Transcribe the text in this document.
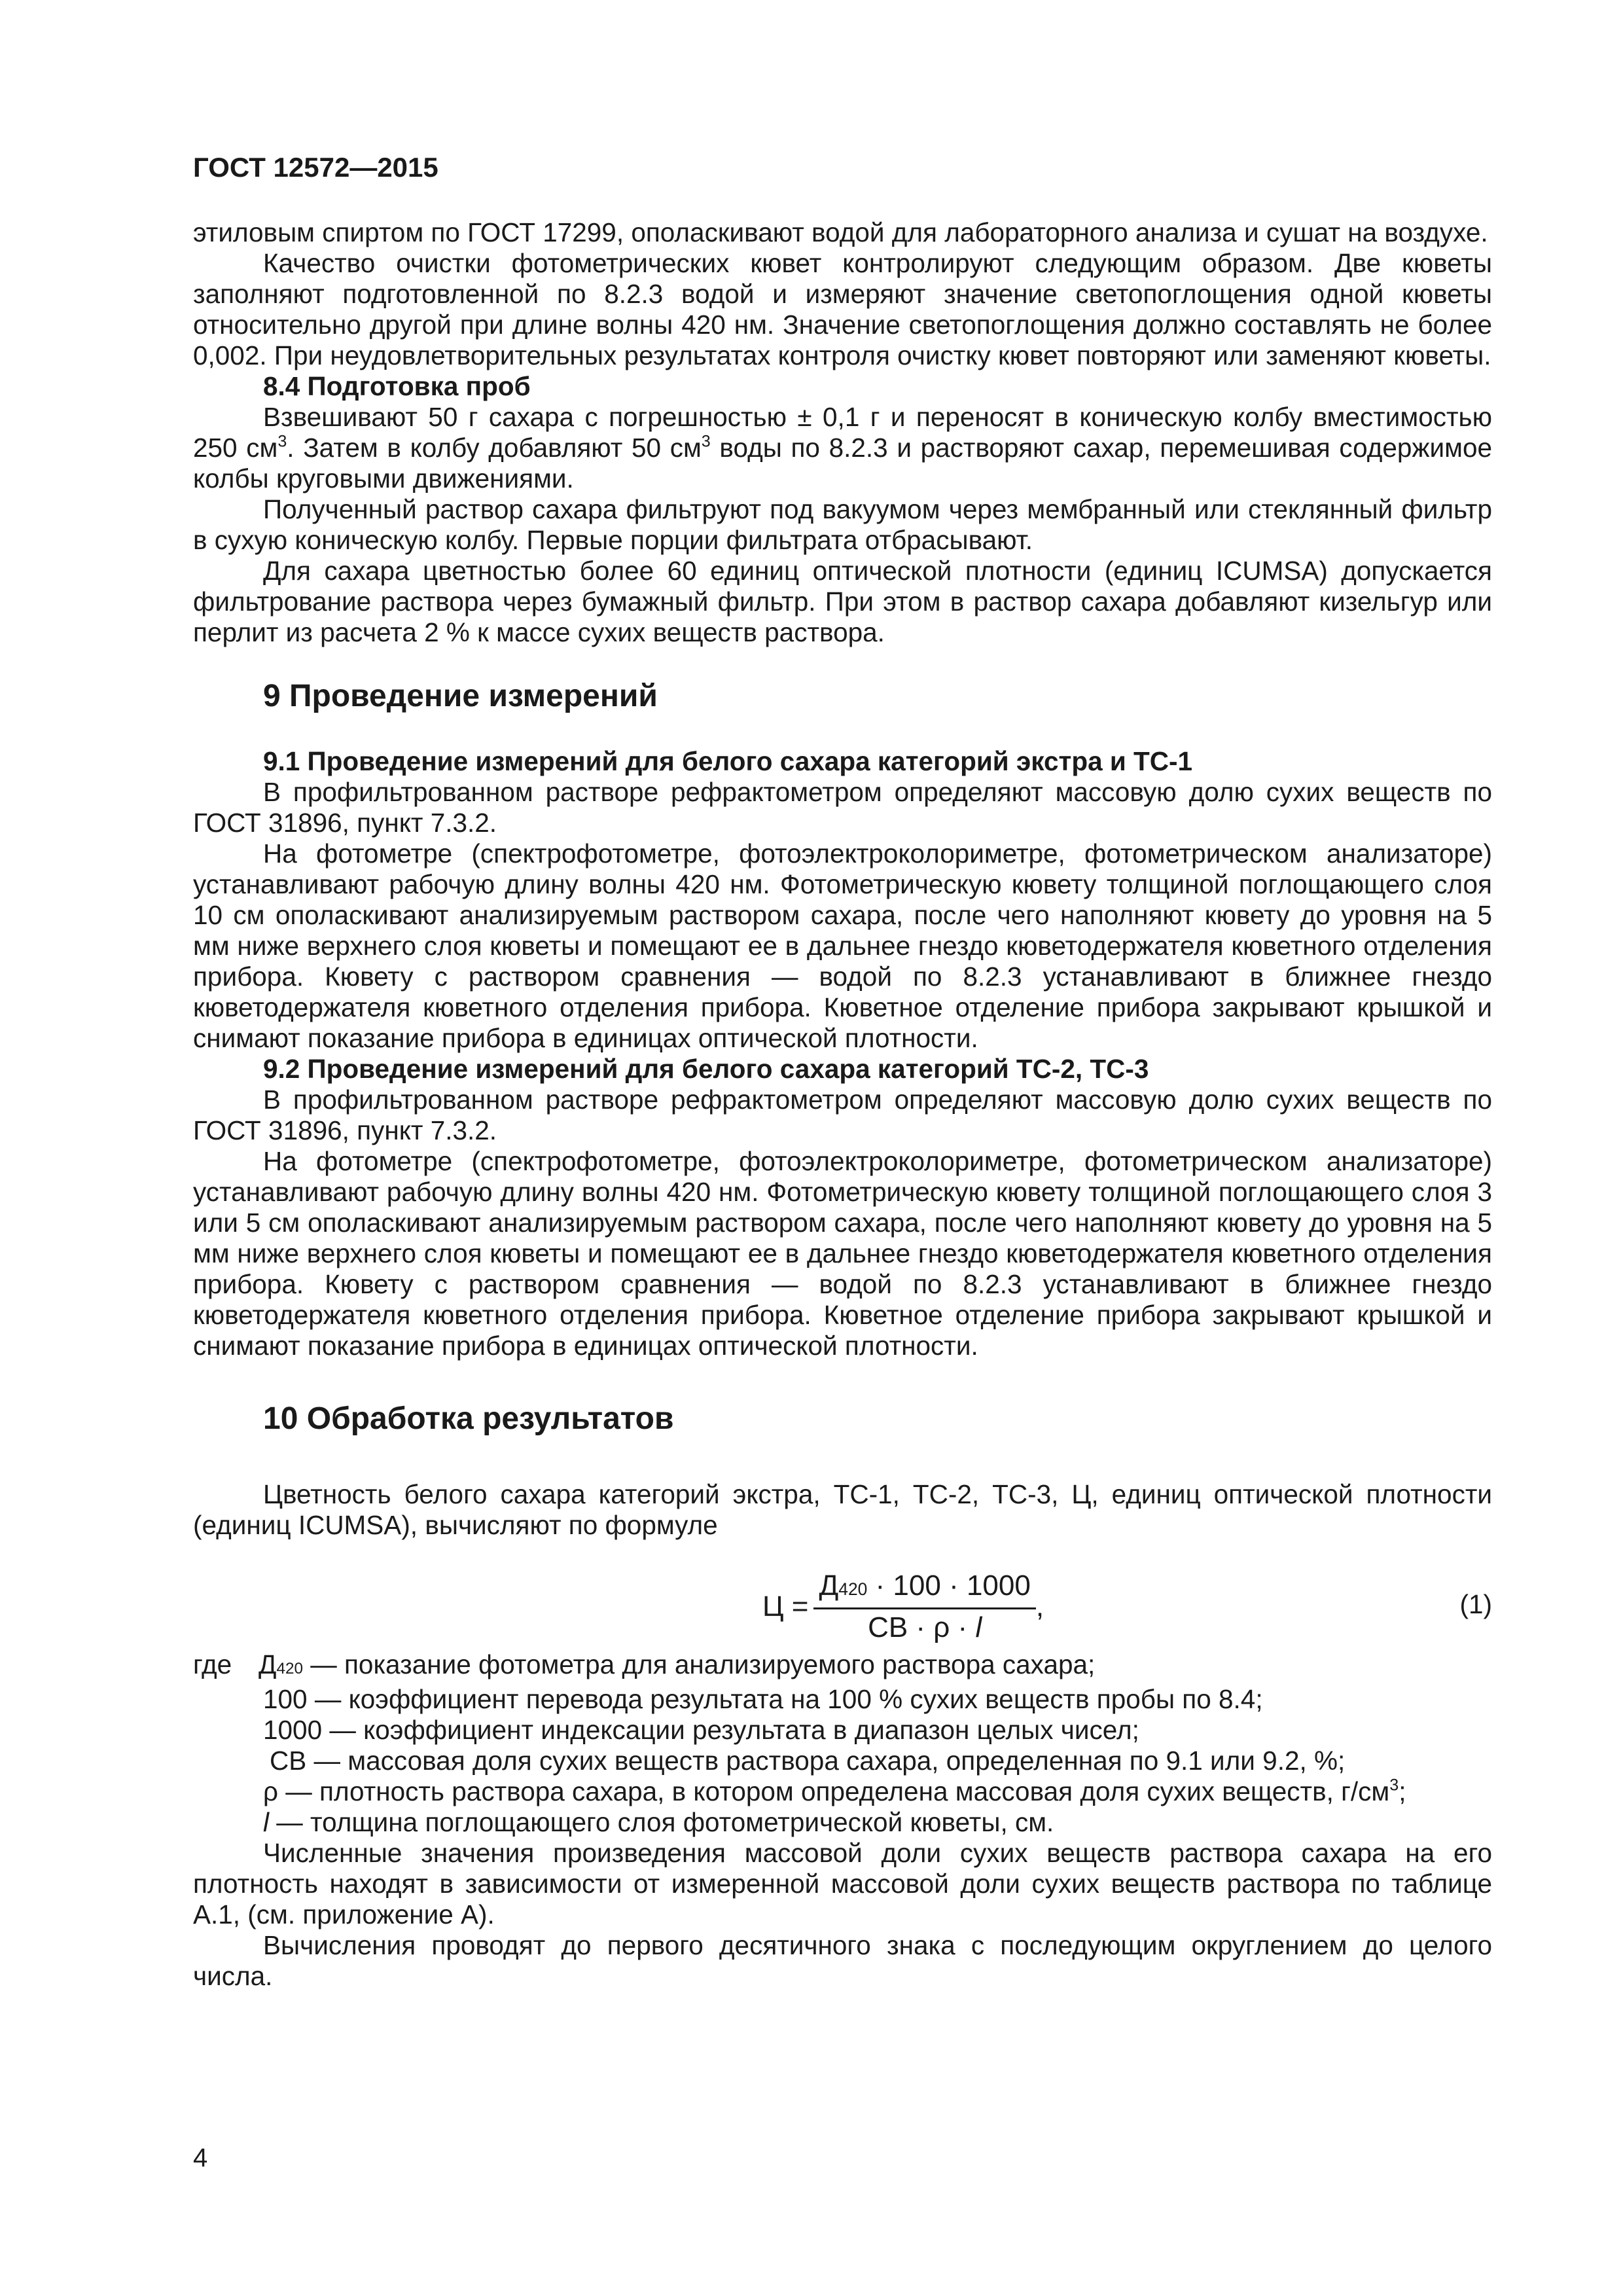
ГОСТ 12572—2015

этиловым спиртом по ГОСТ 17299, ополаскивают водой для лабораторного анализа и сушат на воздухе.

Качество очистки фотометрических кювет контролируют следующим образом. Две кюветы заполняют подготовленной по 8.2.3 водой и измеряют значение светопоглощения одной кюветы относительно другой при длине волны 420 нм. Значение светопоглощения должно составлять не более 0,002. При неудовлетворительных результатах контроля очистку кювет повторяют или заменяют кюветы.

8.4 Подготовка проб

Взвешивают 50 г сахара с погрешностью ± 0,1 г и переносят в коническую колбу вместимостью 250 $см^3$. Затем в колбу добавляют 50 $см^3$ воды по 8.2.3 и растворяют сахар, перемешивая содержимое колбы круговыми движениями.

Полученный раствор сахара фильтруют под вакуумом через мембранный или стеклянный фильтр в сухую коническую колбу. Первые порции фильтрата отбрасывают.

Для сахара цветностью более 60 единиц оптической плотности (единиц ICUMSA) допускается фильтрование раствора через бумажный фильтр. При этом в раствор сахара добавляют кизельгур или перлит из расчета 2 % к массе сухих веществ раствора.

9 Проведение измерений

9.1 Проведение измерений для белого сахара категорий экстра и ТС-1

В профильтрованном растворе рефрактометром определяют массовую долю сухих веществ по ГОСТ 31896, пункт 7.3.2.

На фотометре (спектрофотометре, фотоэлектроколориметре, фотометрическом анализаторе) устанавливают рабочую длину волны 420 нм. Фотометрическую кювету толщиной поглощающего слоя 10 см ополаскивают анализируемым раствором сахара, после чего наполняют кювету до уровня на 5 мм ниже верхнего слоя кюветы и помещают ее в дальнее гнездо кюветодержателя кюветного отделения прибора. Кювету с раствором сравнения — водой по 8.2.3 устанавливают в ближнее гнездо кюветодержателя кюветного отделения прибора. Кюветное отделение прибора закрывают крышкой и снимают показание прибора в единицах оптической плотности.

9.2 Проведение измерений для белого сахара категорий ТС-2, ТС-3

В профильтрованном растворе рефрактометром определяют массовую долю сухих веществ по ГОСТ 31896, пункт 7.3.2.

На фотометре (спектрофотометре, фотоэлектроколориметре, фотометрическом анализаторе) устанавливают рабочую длину волны 420 нм. Фотометрическую кювету толщиной поглощающего слоя 3 или 5 см ополаскивают анализируемым раствором сахара, после чего наполняют кювету до уровня на 5 мм ниже верхнего слоя кюветы и помещают ее в дальнее гнездо кюветодержателя кюветного отделения прибора. Кювету с раствором сравнения — водой по 8.2.3 устанавливают в ближнее гнездо кюветодержателя кюветного отделения прибора. Кюветное отделение прибора закрывают крышкой и снимают показание прибора в единицах оптической плотности.

10 Обработка результатов

Цветность белого сахара категорий экстра, ТС-1, ТС-2, ТС-3, Ц, единиц оптической плотности (единиц ICUMSA), вычисляют по формуле

$Ц = \frac{Д420 \cdot 100 \cdot 1000}{СВ \cdot \rho \cdot l}$ ,	(1)
где	Д420 — показание фотометра для анализируемого раствора сахара;

100 — коэффициент перевода результата на 100 % сухих веществ пробы по 8.4;

1000 — коэффициент индексации результата в диапазон целых чисел;

СВ — массовая доля сухих веществ раствора сахара, определенная по 9.1 или 9.2, %;

ρ — плотность раствора сахара, в котором определена массовая доля сухих веществ, $г/см^3$;

l — толщина поглощающего слоя фотометрической кюветы, см.

Численные значения произведения массовой доли сухих веществ раствора сахара на его плотность находят в зависимости от измеренной массовой доли сухих веществ раствора по таблице А.1, (см. приложение А).

Вычисления проводят до первого десятичного знака с последующим округлением до целого числа.

4
